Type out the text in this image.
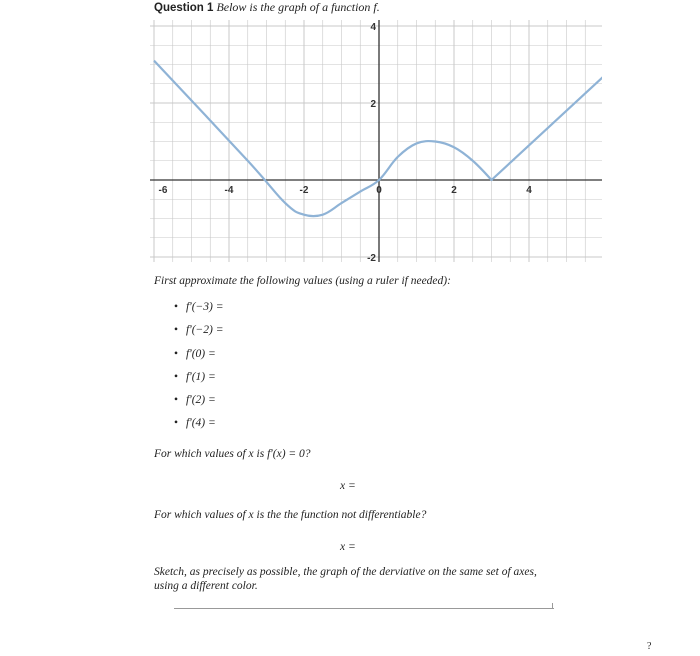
Question 1 Below is the graph of a function f.
-6	-4	-2	0	2	4
4
2
-2
First approximate the following values (using a ruler if needed):
• f′(−3) =
• f′(−2) =
• f′(0) =
• f′(1) =
• f′(2) =
• f′(4) =
For which values of x is f′(x) = 0?
x =
For which values of x is the the function not differentiable?
x =
Sketch, as precisely as possible, the graph of the derviative on the same set of axes, using a different color.
?
